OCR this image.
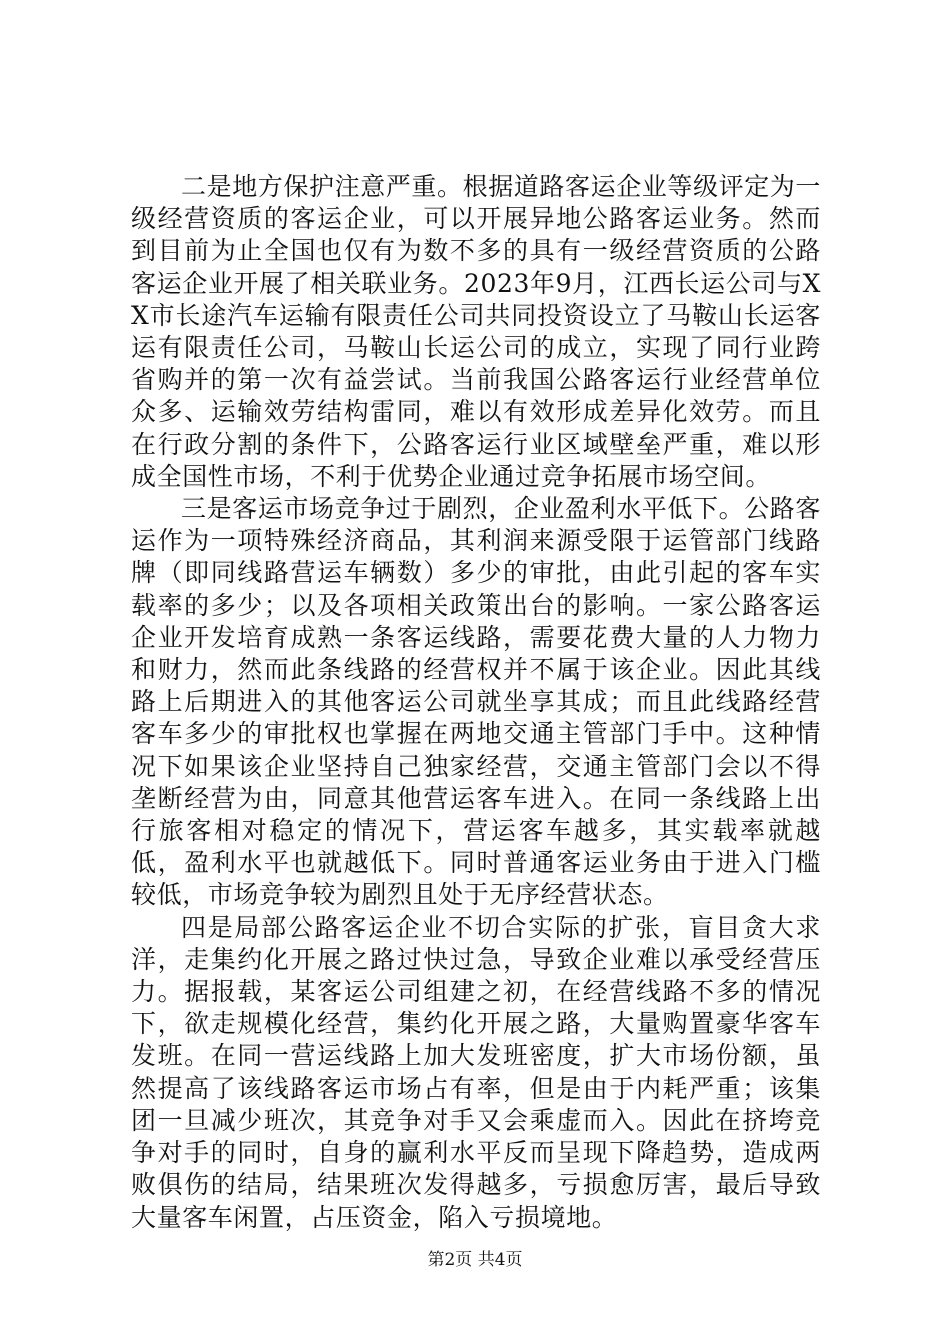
二是地方保护注意严重。根据道路客运企业等级评定为一级经营资质的客运企业，可以开展异地公路客运业务。然而到目前为止全国也仅有为数不多的具有一级经营资质的公路客运企业开展了相关联业务。2023年9月，江西长运公司与XX市长途汽车运输有限责任公司共同投资设立了马鞍山长运客运有限责任公司，马鞍山长运公司的成立，实现了同行业跨省购并的第一次有益尝试。当前我国公路客运行业经营单位众多、运输效劳结构雷同，难以有效形成差异化效劳。而且在行政分割的条件下，公路客运行业区域壁垒严重，难以形成全国性市场，不利于优势企业通过竞争拓展市场空间。

三是客运市场竞争过于剧烈，企业盈利水平低下。公路客运作为一项特殊经济商品，其利润来源受限于运管部门线路牌（即同线路营运车辆数）多少的审批，由此引起的客车实载率的多少；以及各项相关政策出台的影响。一家公路客运企业开发培育成熟一条客运线路，需要花费大量的人力物力和财力，然而此条线路的经营权并不属于该企业。因此其线路上后期进入的其他客运公司就坐享其成；而且此线路经营客车多少的审批权也掌握在两地交通主管部门手中。这种情况下如果该企业坚持自己独家经营，交通主管部门会以不得垄断经营为由，同意其他营运客车进入。在同一条线路上出行旅客相对稳定的情况下，营运客车越多，其实载率就越低，盈利水平也就越低下。同时普通客运业务由于进入门槛较低，市场竞争较为剧烈且处于无序经营状态。

四是局部公路客运企业不切合实际的扩张，盲目贪大求洋，走集约化开展之路过快过急，导致企业难以承受经营压力。据报载，某客运公司组建之初，在经营线路不多的情况下，欲走规模化经营，集约化开展之路，大量购置豪华客车发班。在同一营运线路上加大发班密度，扩大市场份额，虽然提高了该线路客运市场占有率，但是由于内耗严重；该集团一旦减少班次，其竞争对手又会乘虚而入。因此在挤垮竞争对手的同时，自身的赢利水平反而呈现下降趋势，造成两败俱伤的结局，结果班次发得越多，亏损愈厉害，最后导致大量客车闲置，占压资金，陷入亏损境地。

第2页 共4页
